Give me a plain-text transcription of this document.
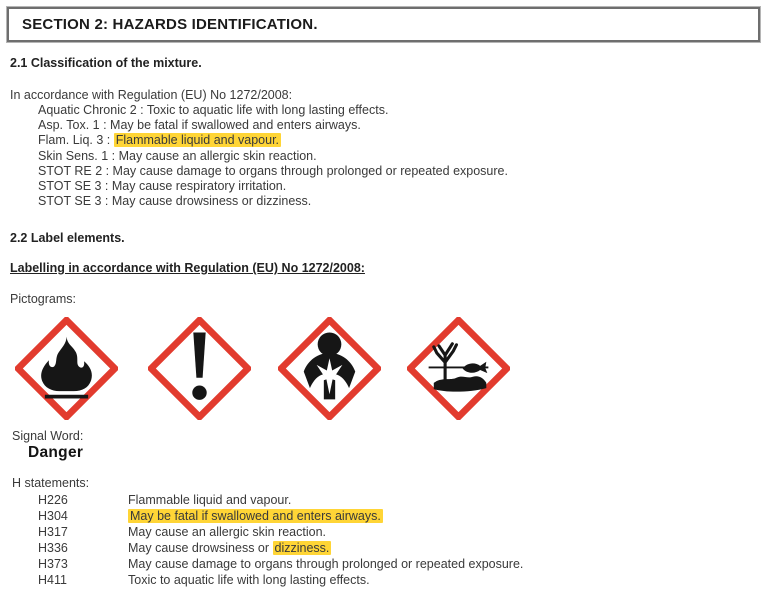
SECTION 2: HAZARDS IDENTIFICATION.
2.1 Classification of the mixture.
In accordance with Regulation (EU) No 1272/2008:
Aquatic Chronic 2 : Toxic to aquatic life with long lasting effects.
Asp. Tox. 1 : May be fatal if swallowed and enters airways.
Flam. Liq. 3 : Flammable liquid and vapour.
Skin Sens. 1 : May cause an allergic skin reaction.
STOT RE 2 : May cause damage to organs through prolonged or repeated exposure.
STOT SE 3 : May cause respiratory irritation.
STOT SE 3 : May cause drowsiness or dizziness.
2.2 Label elements.
Labelling in accordance with Regulation (EU) No 1272/2008:
Pictograms:
Signal Word:
Danger
H statements:
H226	Flammable liquid and vapour.
H304	May be fatal if swallowed and enters airways.
H317	May cause an allergic skin reaction.
H336	May cause drowsiness or dizziness.
H373	May cause damage to organs through prolonged or repeated exposure.
H411	Toxic to aquatic life with long lasting effects.
